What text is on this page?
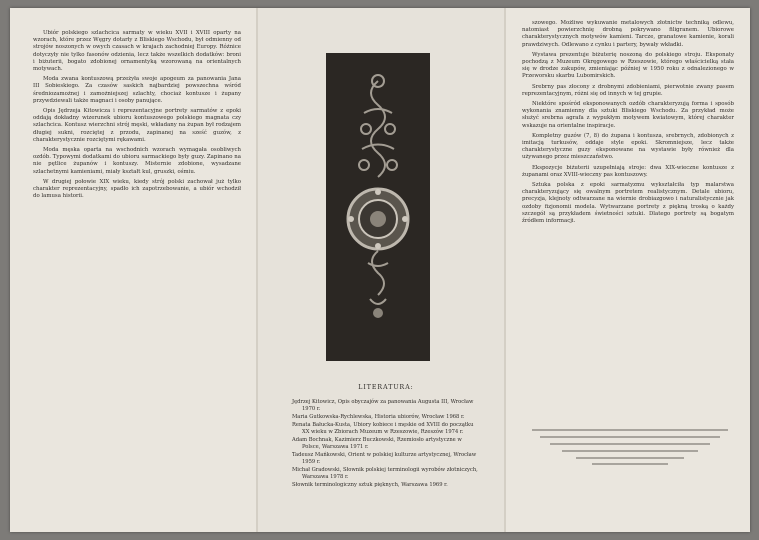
Ubiór polskiego szlachcica sarmaty w wieku XVII i XVIII oparty na wzorach, które przez Węgry dotarły z Bliskiego Wschodu, był odmienny od strojów noszonych w owych czasach w krajach zachodniej Europy. Różnice dotyczyły nie tylko fasonów odzienia, lecz także wszelkich dodatków: broni i biżuterii, bogato zdobionej ornamentyką wzorowaną na orientalnych motywach.

Moda zwana kontuszową przeżyła swoje apogeum za panowania Jana III Sobieskiego. Za czasów saskich najbardziej powszechna wśród średniozamożnej i zamożniejszej szlachty, chociaż kontusze i żupany przywdziewali także magnaci i osoby panujące.

Opis Jędrzeja Kitowicza i reprezentacyjne portrety sarmatów z epoki oddają dokładny wizerunek ubioru kontuszowego polskiego magnata czy szlachcica. Kontusz wierzchni strój męski, wkładany na żupan był rodzajem długiej sukni, rozciętej z przodu, zapinanej na sześć guzów, z charakterystycznie rozciętymi rękawami.

Moda męska oparta na wschodnich wzorach wymagała osobliwych ozdób. Typowymi dodatkami do ubioru sarmackiego były guzy. Zapinano na nie pętlice żupanów i kontuszy. Misternie zdobione, wysadzane szlachetnymi kamieniami, miały kształt kul, gruszki, ośmiu.

W drugiej połowie XIX wieku, kiedy strój polski zachował już tylko charakter reprezentacyjny, spadło ich zapotrzebowanie, a ubiór wchodził do lamusa historii.

LITERATURA:

Jędrzej Kitowicz, Opis obyczajów za panowania Augusta III, Wrocław 1970 r.

Maria Gutkowska-Rychlewska, Historia ubiorów, Wrocław 1968 r.

Renata Bałucka-Kusta, Ubiory kobiece i męskie od XVIII do początku XX wieku w Zbiorach Muzeum w Rzeszowie, Rzeszów 1974 r.

Adam Bochnak, Kazimierz Buczkowski, Rzemiosło artystyczne w Polsce, Warszawa 1971 r.

Tadeusz Mańkowski, Orient w polskiej kulturze artystycznej, Wrocław 1959 r.

Michał Gradowski, Słownik polskiej terminologii wyrobów złotniczych, Warszawa 1978 r.

Słownik terminologiczny sztuk pięknych, Warszawa 1969 r.

szowego. Możliwe wykuwanie metalowych złotnictw techniką odlewu, natomiast powierzchnię drobną pokrywano filigranem. Ubiorowe charakterystycznych motywów kamieni. Tarcze, granatowe kamienie, korali prawdziwych. Odlewano z cynku i partery, bywały wkładki.

Wystawa prezentuje biżuterię noszoną do polskiego stroju. Eksponaty pochodzą z Muzeum Okręgowego w Rzeszowie, którego właścicielką stała się w drodze zakupów, zmieniając później w 1950 roku z odnalezionego w Przeworsku skarbu Lubomirskich.

Srebrny pas złocony z drobnymi zdobieniami, pierwotnie zwany pasem reprezentacyjnym, różni się od innych w tej grupie.

Niektóre spośród eksponowanych ozdób charakteryzują forma i sposób wykonania znamienny dla sztuki Bliskiego Wschodu. Za przykład może służyć srebrna agrafa z wypukłym motywem kwiatowym, której charakter wskazuje na orientalne inspiracje.

Kompletny guzów (7, 8) do żupana i kontusza, srebrnych, zdobionych z imitacją turkusów, oddaje style epoki. Skromniejsze, lecz także charakterystyczne guzy eksponowane na wystawie były również dla używanego przez mieszczaństwo.

Ekspozycje biżuterii uzupełniają stroje: dwa XIX-wieczne kontusze z żupanami oraz XVIII-wieczny pas kontuszowy.

Sztuka polska z epoki sarmatyzmu wykształciła typ malarstwa charakteryzujący się owalnym portretem realistycznym. Detale ubioru, precyzja, klejnoty odtwarzane na wiernie drobiazgowo i naturalistycznie jak ozdoby fizjonomii modela. Wytwarzane portrety z piękną troską o każdy szczegół są przykładem świetności sztuki. Dlatego portrety są bogatym źródłem informacji.
